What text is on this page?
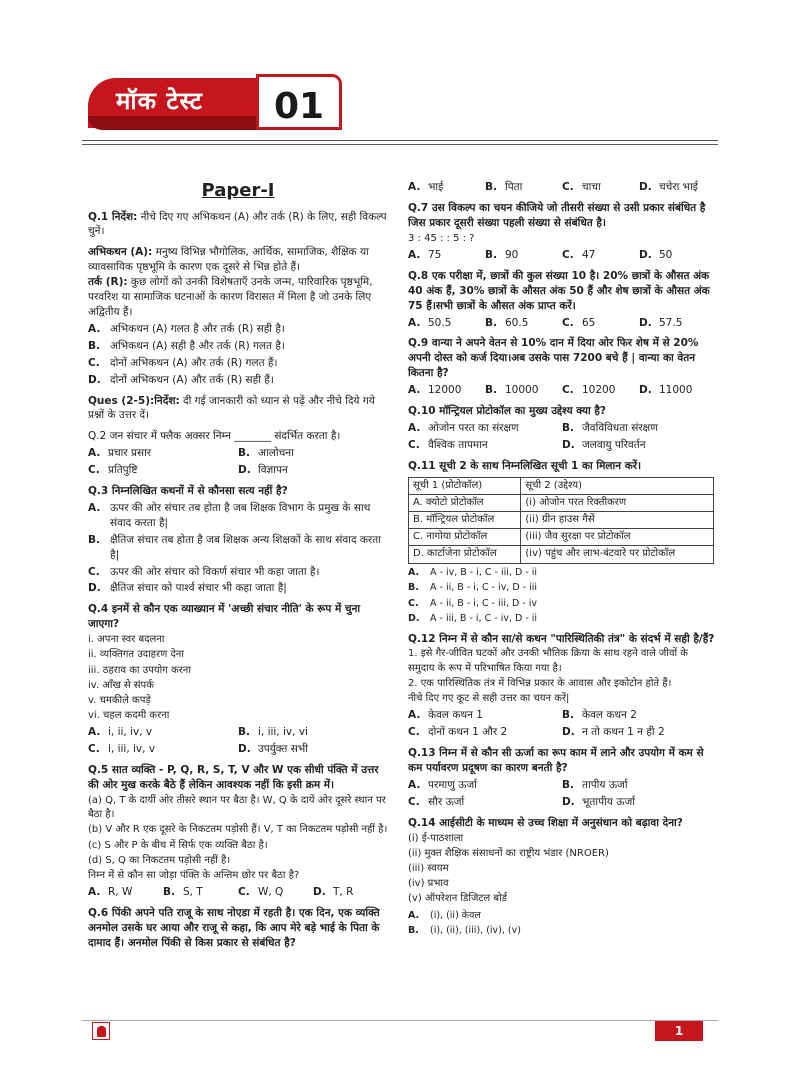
मॉक टेस्ट	01
Paper-I
Q.1 निर्देश: नीचे दिए गए अभिकथन (A) और तर्क (R) के लिए, सही विकल्प चुनें।
अभिकथन (A): मनुष्य विभिन्न भौगोलिक, आर्थिक, सामाजिक, शैक्षिक या व्यावसायिक पृष्ठभूमि के कारण एक दूसरे से भिन्न होते हैं।
तर्क (R): कुछ लोगों को उनकी विशेषताएँ उनके जन्म, पारिवारिक पृष्ठभूमि, परवरिश या सामाजिक घटनाओं के कारण विरासत में मिला है जो उनके लिए अद्वितीय हैं।
A. अभिकथन (A) गलत है और तर्क (R) सही है।
B. अभिकथन (A) सही है और तर्क (R) गलत है।
C. दोनों अभिकथन (A) और तर्क (R) गलत हैं।
D. दोनों अभिकथन (A) और तर्क (R) सही हैं।
Ques (2-5):निर्देश: दी गई जानकारी को ध्यान से पढ़ें और नीचे दिये गये प्रश्नों के उत्तर दें।
Q.2 जन संचार में फ्लैक अक्सर निम्न _______ संदर्भित करता है।
A. प्रचार प्रसार	B. आलोचना
C. प्रतिपुष्टि	D. विज्ञापन
Q.3 निम्नलिखित कथनों में से कौनसा सत्य नहीं है?
A. ऊपर की ओर संचार तब होता है जब शिक्षक विभाग के प्रमुख के साथ संवाद करता है|
B. क्षैतिज संचार तब होता है जब शिक्षक अन्य शिक्षकों के साथ संवाद करता है|
C. ऊपर की ओर संचार को विकर्ण संचार भी कहा जाता है।
D. क्षैतिज संचार को पार्श्व संचार भी कहा जाता है|
Q.4 इनमें से कौन एक व्याख्यान में 'अच्छी संचार नीति' के रूप में चुना जाएगा?
i. अपना स्वर बदलना
ii. व्यक्तिगत उदाहरण देना
iii. ठहराव का उपयोग करना
iv. आँख से संपर्क
v. चमकीले कपड़े
vi. चहल कदमी करना
A. i, ii, iv, v	B. i, iii, iv, vi
C. i, iii, iv, v	D. उपर्युक्त सभी
Q.5 सात व्यक्ति - P, Q, R, S, T, V और W एक सीधी पंक्ति में उत्तर की ओर मुख करके बैठे हैं लेकिन आवश्यक नहीं कि इसी क्रम में।
(a) Q, T के दायीं ओर तीसरे स्थान पर बैठा है। W, Q के दायें ओर दूसरे स्थान पर बैठा है।
(b) V और R एक दूसरे के निकटतम पड़ोसी हैं। V, T का निकटतम पड़ोसी नहीं है।
(c) S और P के बीच में सिर्फ एक व्यक्ति बैठा है।
(d) S, Q का निकटतम पड़ोसी नहीं है।
निम्न में से कौन सा जोड़ा पंक्ति के अन्तिम छोर पर बैठा है?
A. R, W	B. S, T	C. W, Q	D. T, R
Q.6 पिंकी अपने पति राजू के साथ नोएडा में रहती है। एक दिन, एक व्यक्ति अनमोल उसके घर आया और राजू से कहा, कि आप मेरे बड़े भाई के पिता के दामाद हैं। अनमोल पिंकी से किस प्रकार से संबंधित है?
A. भाई	B. पिता	C. चाचा	D. चचेरा भाई
Q.7 उस विकल्प का चयन कीजिये जो तीसरी संख्या से उसी प्रकार संबंधित है जिस प्रकार दूसरी संख्या पहली संख्या से संबंधित है।
3 : 45 : : 5 : ?
A. 75	B. 90	C. 47	D. 50
Q.8 एक परीक्षा में, छात्रों की कुल संख्या 10 है। 20% छात्रों के औसत अंक 40 अंक हैं, 30% छात्रों के औसत अंक 50 हैं और शेष छात्रों के औसत अंक 75 हैं।सभी छात्रों के औसत अंक प्राप्त करें।
A. 50.5	B. 60.5	C. 65	D. 57.5
Q.9 वान्या ने अपने वेतन से 10% दान में दिया ओर फिर शेष में से 20% अपनी दोस्त को कर्ज दिया।अब उसके पास 7200 बचे हैं | वान्या का वेतन कितना है?
A. 12000 B. 10000 C. 10200 D. 11000
Q.10 मॉन्ट्रियल प्रोटोकॉल का मुख्य उद्देश्य क्या है?
A. ओजोन परत का संरक्षण	B. जैवविविधता संरक्षण
C. वैश्विक तापमान	D. जलवायु परिवर्तन
Q.11 सूची 2 के साथ निम्नलिखित सूची 1 का मिलान करें।
सूची 1 (प्रोटोकॉल)	सूची 2 (उद्देश्य)
A. क्योटो प्रोटोकॉल	(i) ओजोन परत रिक्तीकरण
B. मॉन्ट्रियल प्रोटोकॉल	(ii) ग्रीन हाउस गैसें
C. नागोया प्रोटोकॉल	(iii) जैव सुरक्षा पर प्रोटोकॉल
D. कार्टाजेना प्रोटोकॉल	(iv) पहुंच और लाभ-बंटवारे पर प्रोटोकॉल
A.	A - iv, B - i, C - iii, D - ii
B.	A - ii, B - i, C - iv, D - iii
C.	A - ii, B - i, C - iii, D - iv
D.	A - iii, B - i, C - iv, D - ii
Q.12 निम्न में से कौन सा/से कथन "पारिस्थितिकी तंत्र" के संदर्भ में सही है/हैं?
1. इसे गैर-जीवित घटकों और उनकी भौतिक क्रिया के साथ रहने वाले जीवों के समुदाय के रूप में परिभाषित किया गया है।
2. एक पारिस्थितिक तंत्र में विभिन्न प्रकार के आवास और इकोटोन होते हैं।
नीचे दिए गए कूट से सही उत्तर का चयन करें|
A. केवल कथन 1	B. केवल कथन 2
C. दोनों कथन 1 और 2	D. न तो कथन 1 न ही 2
Q.13 निम्न में से कौन सी ऊर्जा का रूप काम में लाने और उपयोग में कम से कम पर्यावरण प्रदूषण का कारण बनती है?
A. परमाणु ऊर्जा	B. तापीय ऊर्जा
C. सौर ऊर्जा	D. भूतापीय ऊर्जा
Q.14 आईसीटी के माध्यम से उच्च शिक्षा में अनुसंधान को बढ़ावा देना?
(i) ई-पाठशाला
(ii) मुक्त शैक्षिक संसाधनों का राष्ट्रीय भंडार (NROER)
(iii) स्वयम
(iv) प्रभाव
(v) ऑपरेशन डिजिटल बोर्ड
A.	(i), (ii) केवल
B.	(i), (ii), (iii), (iv), (v)
1
